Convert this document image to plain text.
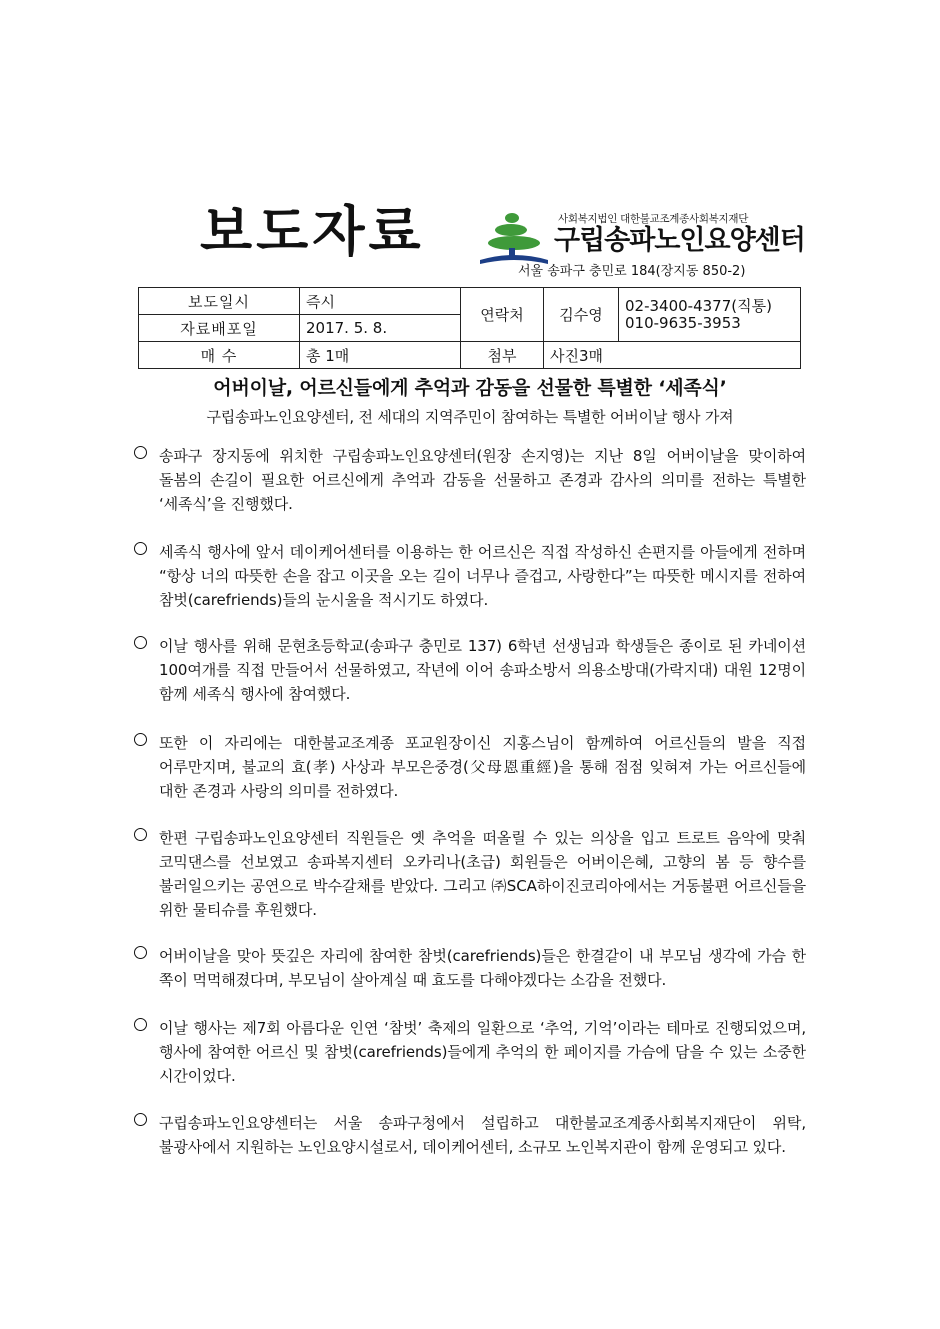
보도자료	사회복지법인 대한불교조계종사회복지재단
구립송파노인요양센터
서울 송파구 충민로 184(장지동 850-2)
보도일시	즉시	연락처	김수영	02-3400-4377(직통)
010-9635-3953

자료배포일	2017. 5. 8.			
매 수	총 1매	첨부	사진3매	
어버이날, 어르신들에게 추억과 감동을 선물한 특별한 ‘세족식’
구립송파노인요양센터, 전 세대의 지역주민이 참여하는 특별한 어버이날 행사 가져
송파구 장지동에 위치한 구립송파노인요양센터(원장 손지영)는 지난 8일 어버이날을 맞이하여 돌봄의 손길이 필요한 어르신에게 추억과 감동을 선물하고 존경과 감사의 의미를 전하는 특별한 ‘세족식’을 진행했다.
세족식 행사에 앞서 데이케어센터를 이용하는 한 어르신은 직접 작성하신 손편지를 아들에게 전하며 “항상 너의 따뜻한 손을 잡고 이곳을 오는 길이 너무나 즐겁고, 사랑한다”는 따뜻한 메시지를 전하여 참벗(carefriends)들의 눈시울을 적시기도 하였다.
이날 행사를 위해 문현초등학교(송파구 충민로 137) 6학년 선생님과 학생들은 종이로 된 카네이션 100여개를 직접 만들어서 선물하였고, 작년에 이어 송파소방서 의용소방대(가락지대) 대원 12명이 함께 세족식 행사에 참여했다.
또한 이 자리에는 대한불교조계종 포교원장이신 지홍스님이 함께하여 어르신들의 발을 직접 어루만지며, 불교의 효(孝) 사상과 부모은중경(父母恩重經)을 통해 점점 잊혀져 가는 어르신들에 대한 존경과 사랑의 의미를 전하였다.
한편 구립송파노인요양센터 직원들은 옛 추억을 떠올릴 수 있는 의상을 입고 트로트 음악에 맞춰 코믹댄스를 선보였고 송파복지센터 오카리나(초급) 회원들은 어버이은혜, 고향의 봄 등 향수를 불러일으키는 공연으로 박수갈채를 받았다. 그리고 ㈜SCA하이진코리아에서는 거동불편 어르신들을 위한 물티슈를 후원했다.
어버이날을 맞아 뜻깊은 자리에 참여한 참벗(carefriends)들은 한결같이 내 부모님 생각에 가슴 한 쪽이 먹먹해졌다며, 부모님이 살아계실 때 효도를 다해야겠다는 소감을 전했다.
이날 행사는 제7회 아름다운 인연 ‘참벗’ 축제의 일환으로 ‘추억, 기억’이라는 테마로 진행되었으며, 행사에 참여한 어르신 및 참벗(carefriends)들에게 추억의 한 페이지를 가슴에 담을 수 있는 소중한 시간이었다.
구립송파노인요양센터는 서울 송파구청에서 설립하고 대한불교조계종사회복지재단이 위탁, 불광사에서 지원하는 노인요양시설로서, 데이케어센터, 소규모 노인복지관이 함께 운영되고 있다.
